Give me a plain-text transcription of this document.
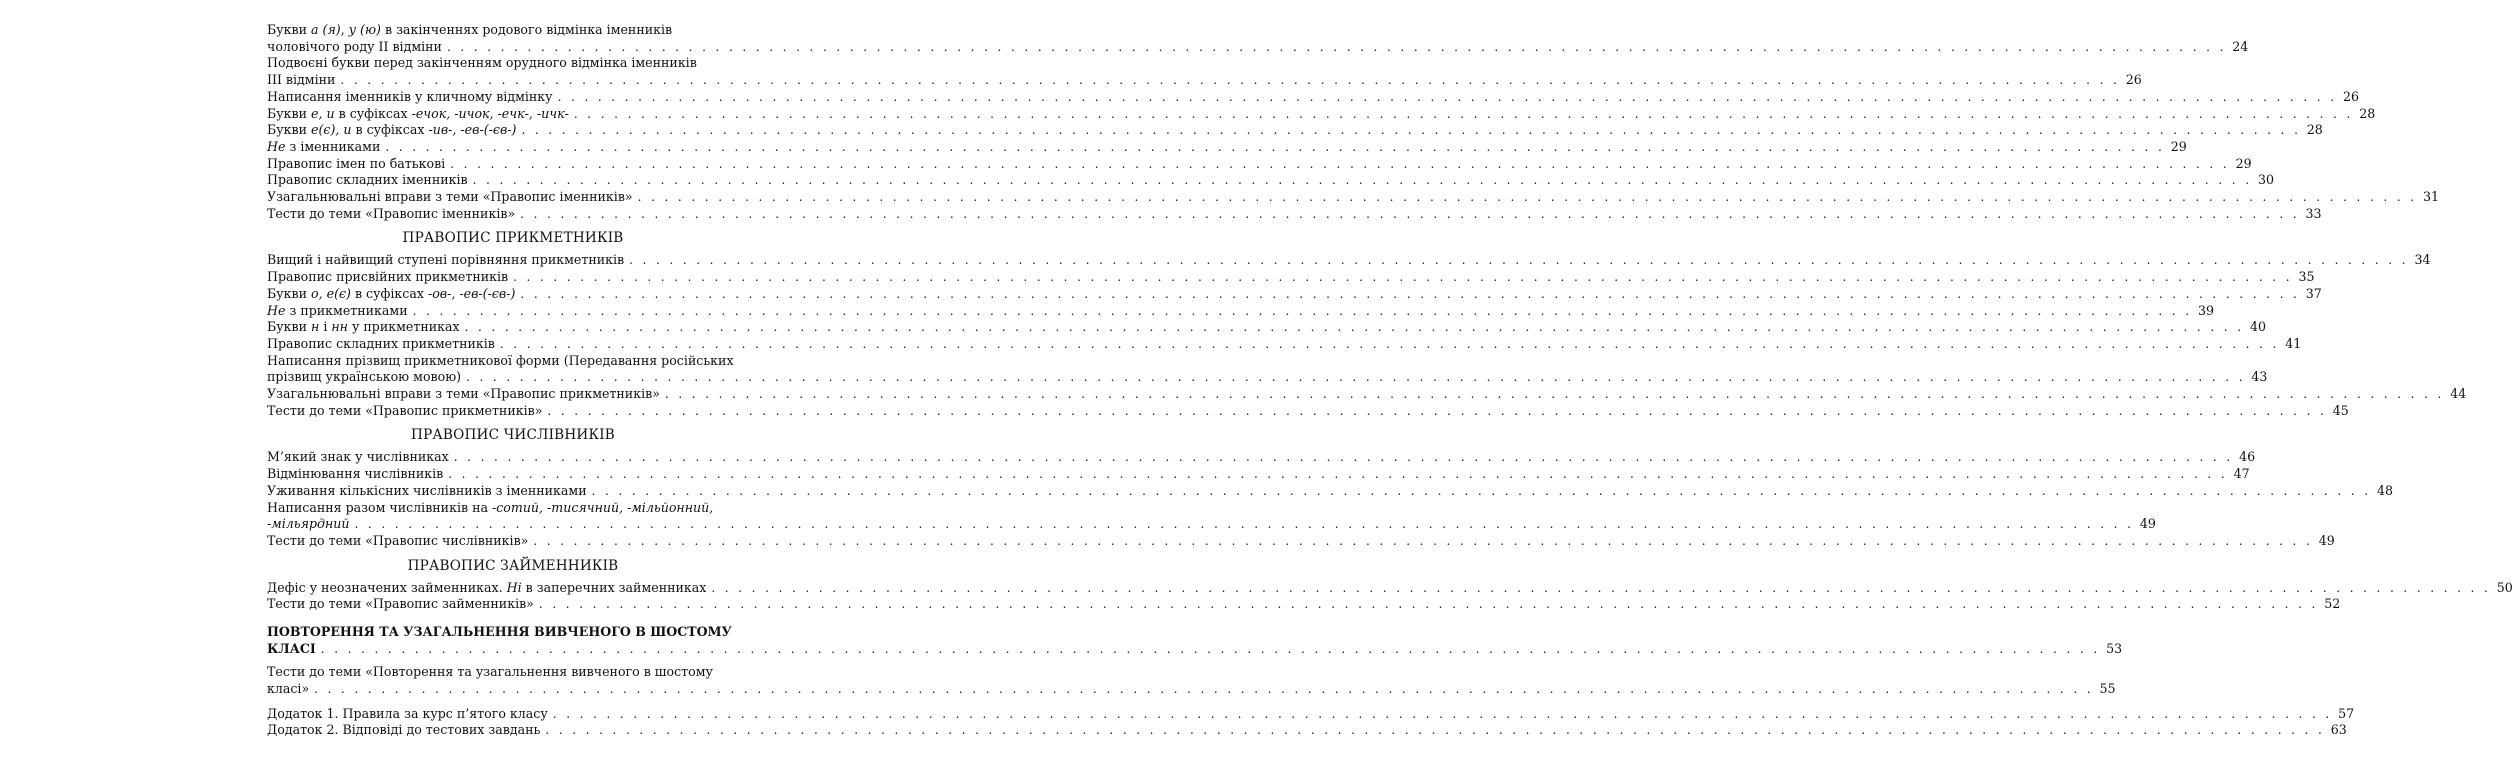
Букви а (я), у (ю) в закінченнях родового відмінка іменників
чоловічого роду ІІ відміни . . .	24
Подвоєні букви перед закінченням орудного відмінка іменників
III відміни . . .	26
Написання іменників у кличному відмінку . . .	26
Букви е, и в суфіксах -ечок, -ичок, -ечк-, -ичк- . . .	28
Букви е(є), и в суфіксах -ив-, -ев-(-єв-) . . .	28
Не з іменниками . . .	29
Правопис імен по батькові . . .	29
Правопис складних іменників . . .	30
Узагальнювальні вправи з теми «Правопис іменників» . . .	31
Тести до теми «Правопис іменників» . . .	33
ПРАВОПИС ПРИКМЕТНИКІВ
Вищий і найвищий ступені порівняння прикметників . . .	34
Правопис присвійних прикметників . . .	35
Букви о, е(є) в суфіксах -ов-, -ев-(-єв-) . . .	37
Не з прикметниками . . .	39
Букви н і нн у прикметниках . . .	40
Правопис складних прикметників . . .	41
Написання прізвищ прикметникової форми (Передавання російських
прізвищ українською мовою) . . .	43
Узагальнювальні вправи з теми «Правопис прикметників» . . .	44
Тести до теми «Правопис прикметників» . . .	45
ПРАВОПИС ЧИСЛІВНИКІВ
М’який знак у числівниках . . .	46
Відмінювання числівників . . .	47
Уживання кількісних числівників з іменниками . . .	48
Написання разом числівників на -сотий, -тисячний, -мільйонний,
-мільярдний . . .	49
Тести до теми «Правопис числівників» . . .	49
ПРАВОПИС ЗАЙМЕННИКІВ
Дефіс у неозначених займенниках. Ні в заперечних займенниках . . .	50
Тести до теми «Правопис займенників» . . .	52
ПОВТОРЕННЯ ТА УЗАГАЛЬНЕННЯ ВИВЧЕНОГО В ШОСТОМУ
КЛАСІ . . .	53
Тести до теми «Повторення та узагальнення вивченого в шостому
класі» . . .	55
Додаток 1. Правила за курс п’ятого класу . . .	57
Додаток 2. Відповіді до тестових завдань . . .	63
